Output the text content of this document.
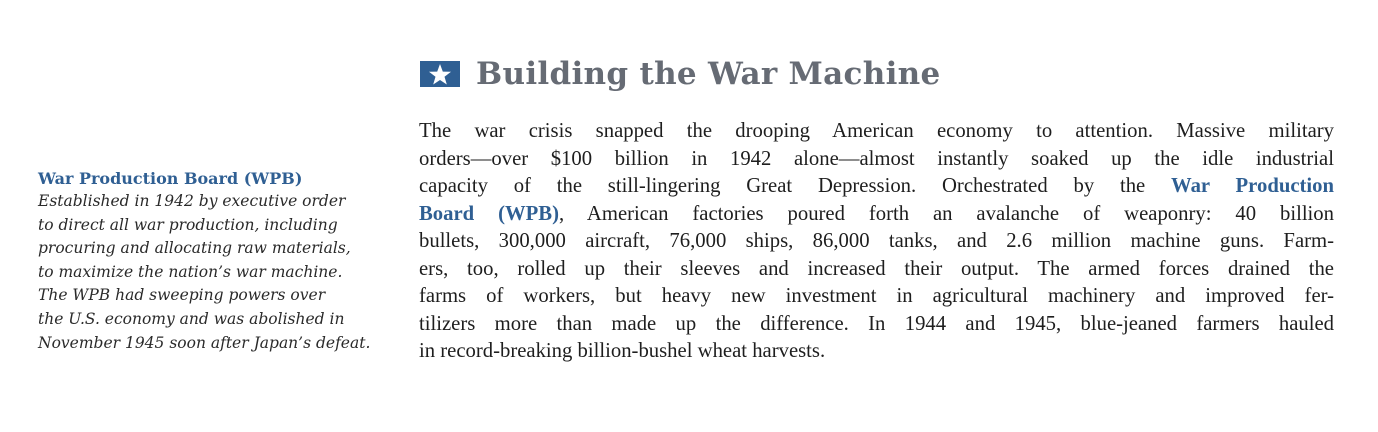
War Production Board (WPB)
Established in 1942 by executive order
to direct all war production, including
procuring and allocating raw materials,
to maximize the nation’s war machine.
The WPB had sweeping powers over
the U.S. economy and was abolished in
November 1945 soon after Japan’s defeat.
Building the War Machine
The war crisis snapped the drooping American economy to attention. Massive military
orders—over $100 billion in 1942 alone—almost instantly soaked up the idle industrial
capacity of the still-lingering Great Depression. Orchestrated by the War Production
Board (WPB), American factories poured forth an avalanche of weaponry: 40 billion
bullets, 300,000 aircraft, 76,000 ships, 86,000 tanks, and 2.6 million machine guns. Farm-
ers, too, rolled up their sleeves and increased their output. The armed forces drained the
farms of workers, but heavy new investment in agricultural machinery and improved fer-
tilizers more than made up the difference. In 1944 and 1945, blue-jeaned farmers hauled
in record-breaking billion-bushel wheat harvests.
